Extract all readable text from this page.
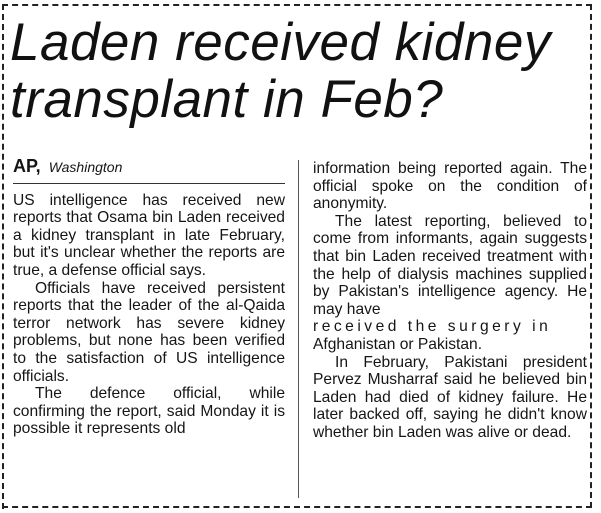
Laden received kidney
transplant in Feb?
AP, Washington

US intelligence has received new reports that Osama bin Laden received a kidney transplant in late February, but it's unclear whether the reports are true, a defense official says.

Officials have received persistent reports that the leader of the al-Qaida terror network has severe kidney problems, but none has been verified to the satisfaction of US intelligence officials.

The defence official, while confirming the report, said Monday it is possible it represents old

information being reported again. The official spoke on the condition of anonymity.

The latest reporting, believed to come from informants, again suggests that bin Laden received treatment with the help of dialysis machines supplied by Pakistan's intelligence agency. He may have

received the surgery in

Afghanistan or Pakistan.

In February, Pakistani president Pervez Musharraf said he believed bin Laden had died of kidney failure. He later backed off, saying he didn't know whether bin Laden was alive or dead.
